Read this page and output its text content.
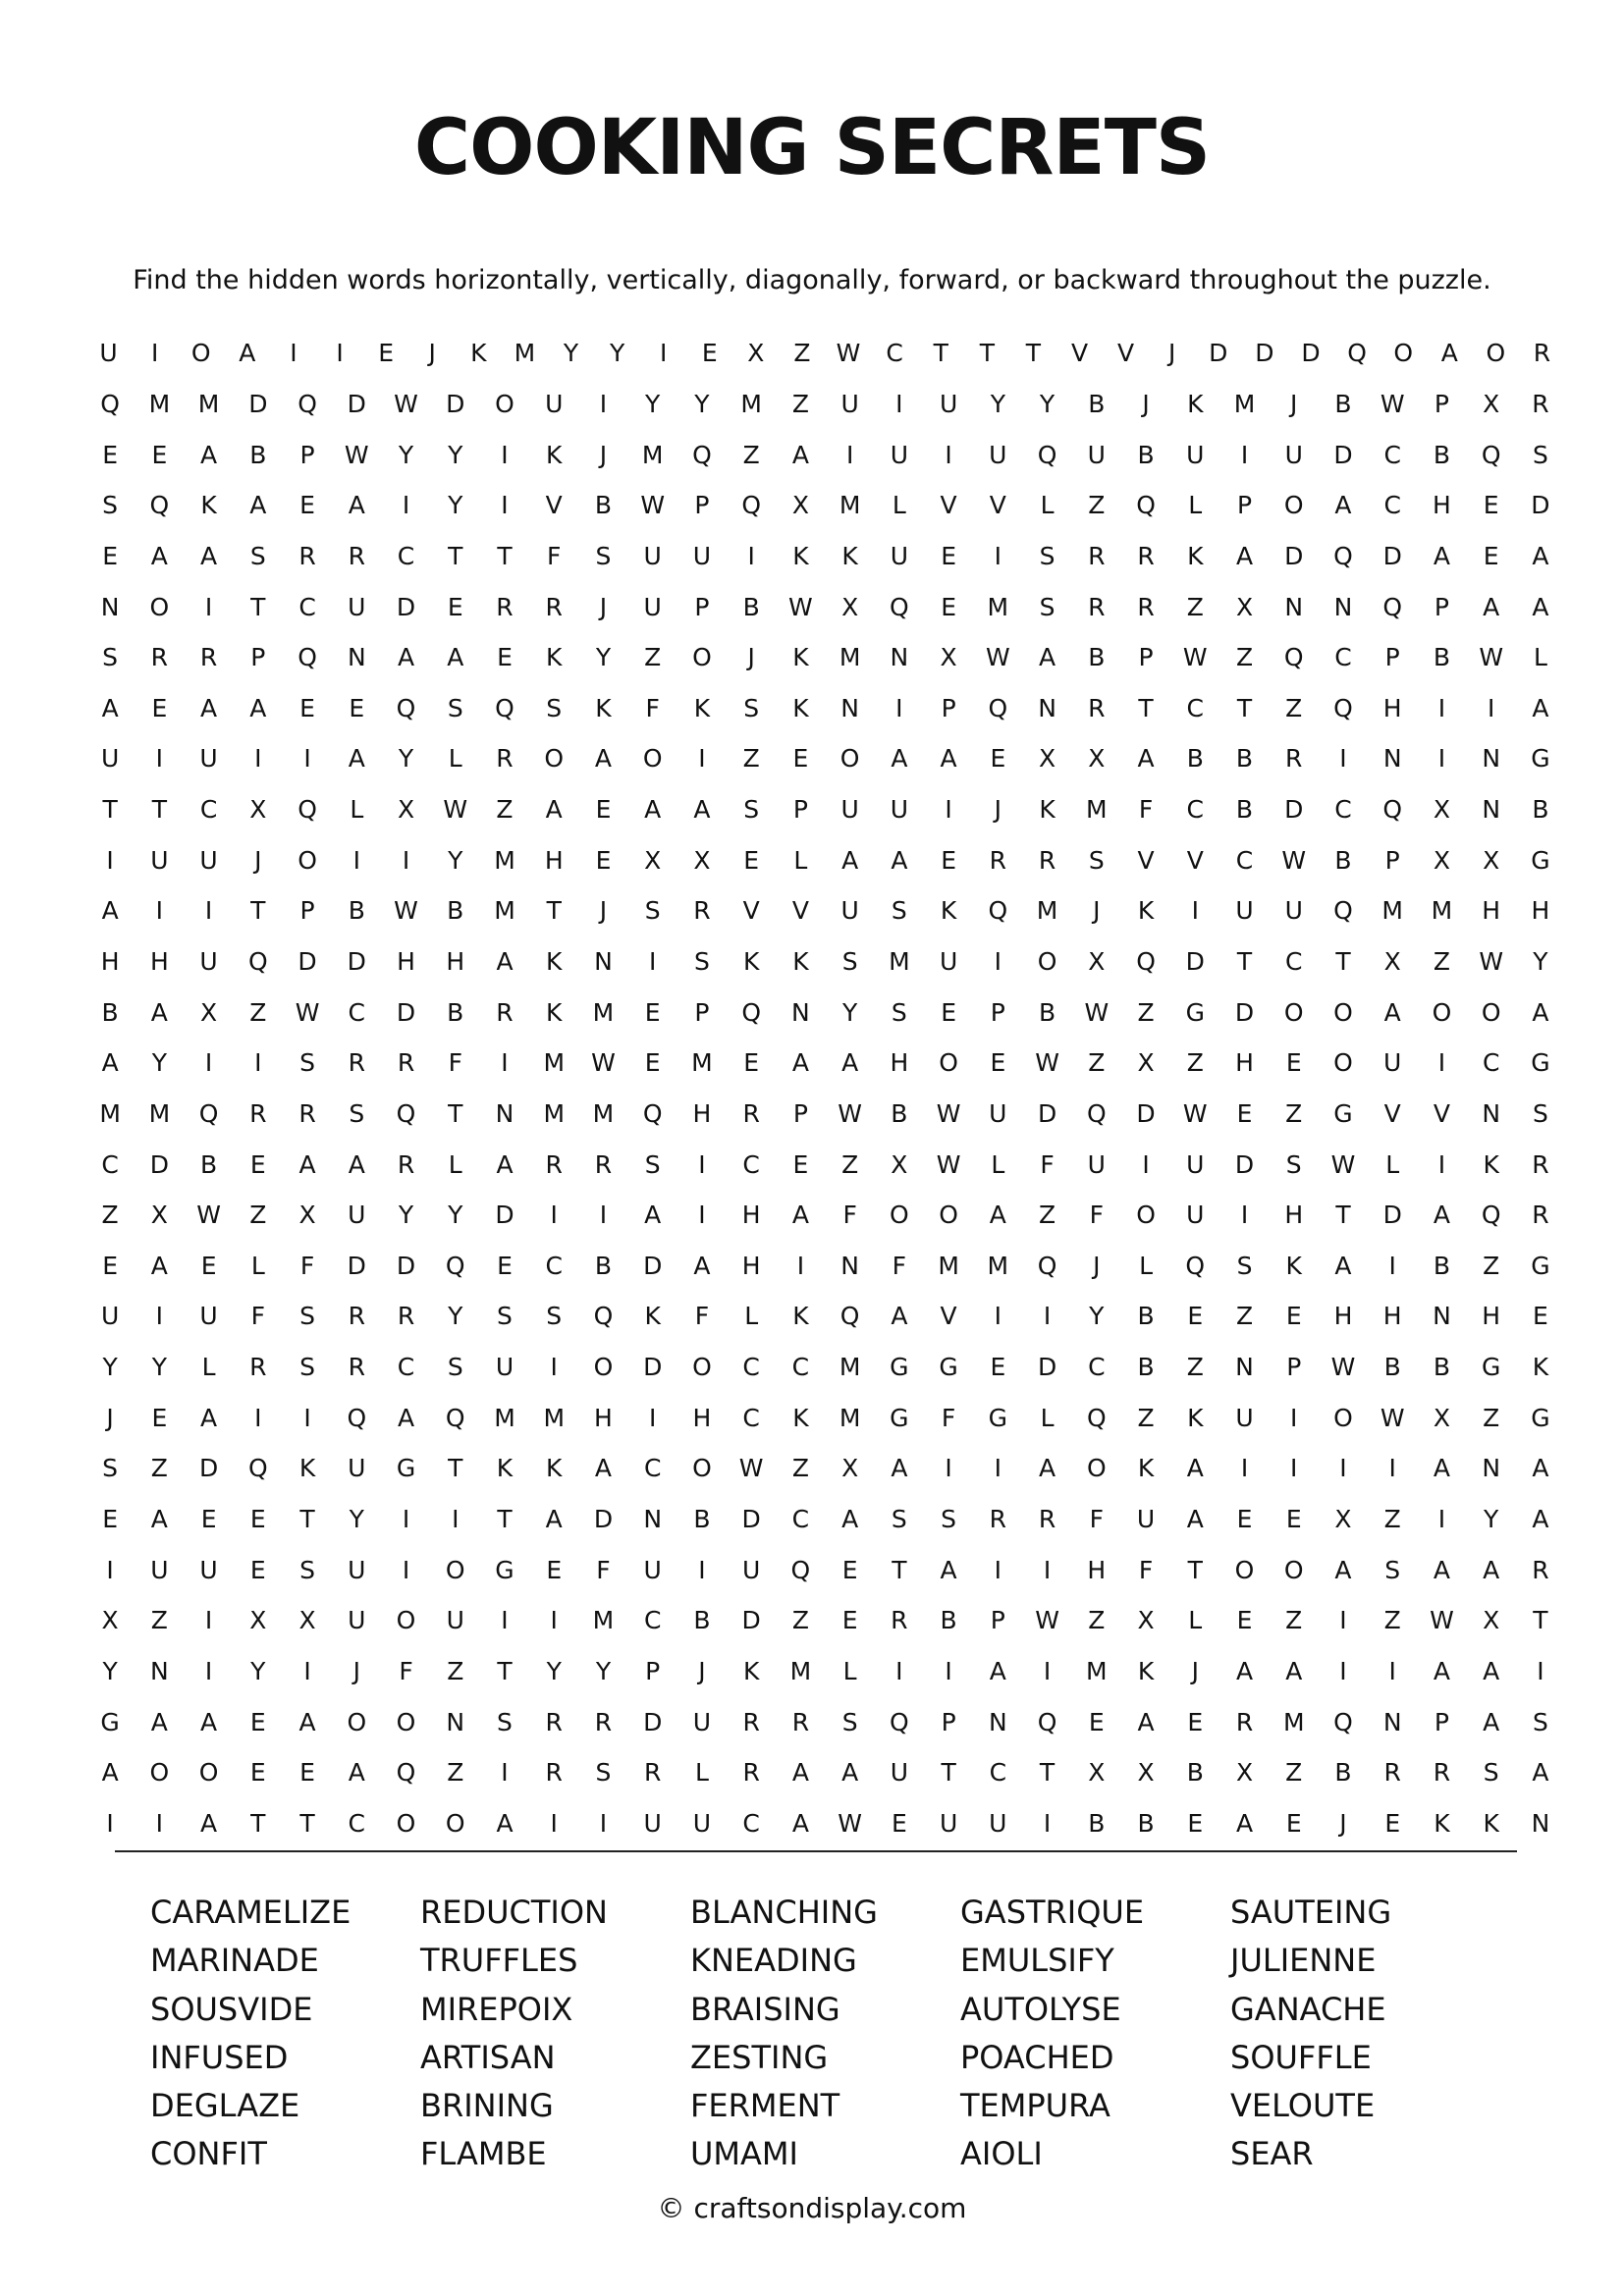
COOKING SECRETS
Find the hidden words horizontally, vertically, diagonally, forward, or backward throughout the puzzle.
U	I	O	A	I	I	E	J	K	M	Y	Y	I	E	X	Z	W	C	T	T	T	V	V	J	D	D	D	Q	O	A	O	R
Q	M	M	D	Q	D	W	D	O	U	I	Y	Y	M	Z	U	I	U	Y	Y	B	J	K	M	J	B	W	P	X	R
E	E	A	B	P	W	Y	Y	I	K	J	M	Q	Z	A	I	U	I	U	Q	U	B	U	I	U	D	C	B	Q	S
S	Q	K	A	E	A	I	Y	I	V	B	W	P	Q	X	M	L	V	V	L	Z	Q	L	P	O	A	C	H	E	D
E	A	A	S	R	R	C	T	T	F	S	U	U	I	K	K	U	E	I	S	R	R	K	A	D	Q	D	A	E	A
N	O	I	T	C	U	D	E	R	R	J	U	P	B	W	X	Q	E	M	S	R	R	Z	X	N	N	Q	P	A	A
S	R	R	P	Q	N	A	A	E	K	Y	Z	O	J	K	M	N	X	W	A	B	P	W	Z	Q	C	P	B	W	L
A	E	A	A	E	E	Q	S	Q	S	K	F	K	S	K	N	I	P	Q	N	R	T	C	T	Z	Q	H	I	I	A
U	I	U	I	I	A	Y	L	R	O	A	O	I	Z	E	O	A	A	E	X	X	A	B	B	R	I	N	I	N	G
T	T	C	X	Q	L	X	W	Z	A	E	A	A	S	P	U	U	I	J	K	M	F	C	B	D	C	Q	X	N	B
I	U	U	J	O	I	I	Y	M	H	E	X	X	E	L	A	A	E	R	R	S	V	V	C	W	B	P	X	X	G
A	I	I	T	P	B	W	B	M	T	J	S	R	V	V	U	S	K	Q	M	J	K	I	U	U	Q	M	M	H	H
H	H	U	Q	D	D	H	H	A	K	N	I	S	K	K	S	M	U	I	O	X	Q	D	T	C	T	X	Z	W	Y
B	A	X	Z	W	C	D	B	R	K	M	E	P	Q	N	Y	S	E	P	B	W	Z	G	D	O	O	A	O	O	A
A	Y	I	I	S	R	R	F	I	M	W	E	M	E	A	A	H	O	E	W	Z	X	Z	H	E	O	U	I	C	G
M	M	Q	R	R	S	Q	T	N	M	M	Q	H	R	P	W	B	W	U	D	Q	D	W	E	Z	G	V	V	N	S
C	D	B	E	A	A	R	L	A	R	R	S	I	C	E	Z	X	W	L	F	U	I	U	D	S	W	L	I	K	R
Z	X	W	Z	X	U	Y	Y	D	I	I	A	I	H	A	F	O	O	A	Z	F	O	U	I	H	T	D	A	Q	R
E	A	E	L	F	D	D	Q	E	C	B	D	A	H	I	N	F	M	M	Q	J	L	Q	S	K	A	I	B	Z	G
U	I	U	F	S	R	R	Y	S	S	Q	K	F	L	K	Q	A	V	I	I	Y	B	E	Z	E	H	H	N	H	E
Y	Y	L	R	S	R	C	S	U	I	O	D	O	C	C	M	G	G	E	D	C	B	Z	N	P	W	B	B	G	K
J	E	A	I	I	Q	A	Q	M	M	H	I	H	C	K	M	G	F	G	L	Q	Z	K	U	I	O	W	X	Z	G
S	Z	D	Q	K	U	G	T	K	K	A	C	O	W	Z	X	A	I	I	A	O	K	A	I	I	I	I	A	N	A
E	A	E	E	T	Y	I	I	T	A	D	N	B	D	C	A	S	S	R	R	F	U	A	E	E	X	Z	I	Y	A
I	U	U	E	S	U	I	O	G	E	F	U	I	U	Q	E	T	A	I	I	H	F	T	O	O	A	S	A	A	R
X	Z	I	X	X	U	O	U	I	I	M	C	B	D	Z	E	R	B	P	W	Z	X	L	E	Z	I	Z	W	X	T
Y	N	I	Y	I	J	F	Z	T	Y	Y	P	J	K	M	L	I	I	A	I	M	K	J	A	A	I	I	A	A	I
G	A	A	E	A	O	O	N	S	R	R	D	U	R	R	S	Q	P	N	Q	E	A	E	R	M	Q	N	P	A	S
A	O	O	E	E	A	Q	Z	I	R	S	R	L	R	A	A	U	T	C	T	X	X	B	X	Z	B	R	R	S	A
I	I	A	T	T	C	O	O	A	I	I	U	U	C	A	W	E	U	U	I	B	B	E	A	E	J	E	K	K	N
CARAMELIZE
MARINADE
SOUSVIDE
INFUSED
DEGLAZE
CONFIT
REDUCTION
TRUFFLES
MIREPOIX
ARTISAN
BRINING
FLAMBE
BLANCHING
KNEADING
BRAISING
ZESTING
FERMENT
UMAMI
GASTRIQUE
EMULSIFY
AUTOLYSE
POACHED
TEMPURA
AIOLI
SAUTEING
JULIENNE
GANACHE
SOUFFLE
VELOUTE
SEAR
© craftsondisplay.com
